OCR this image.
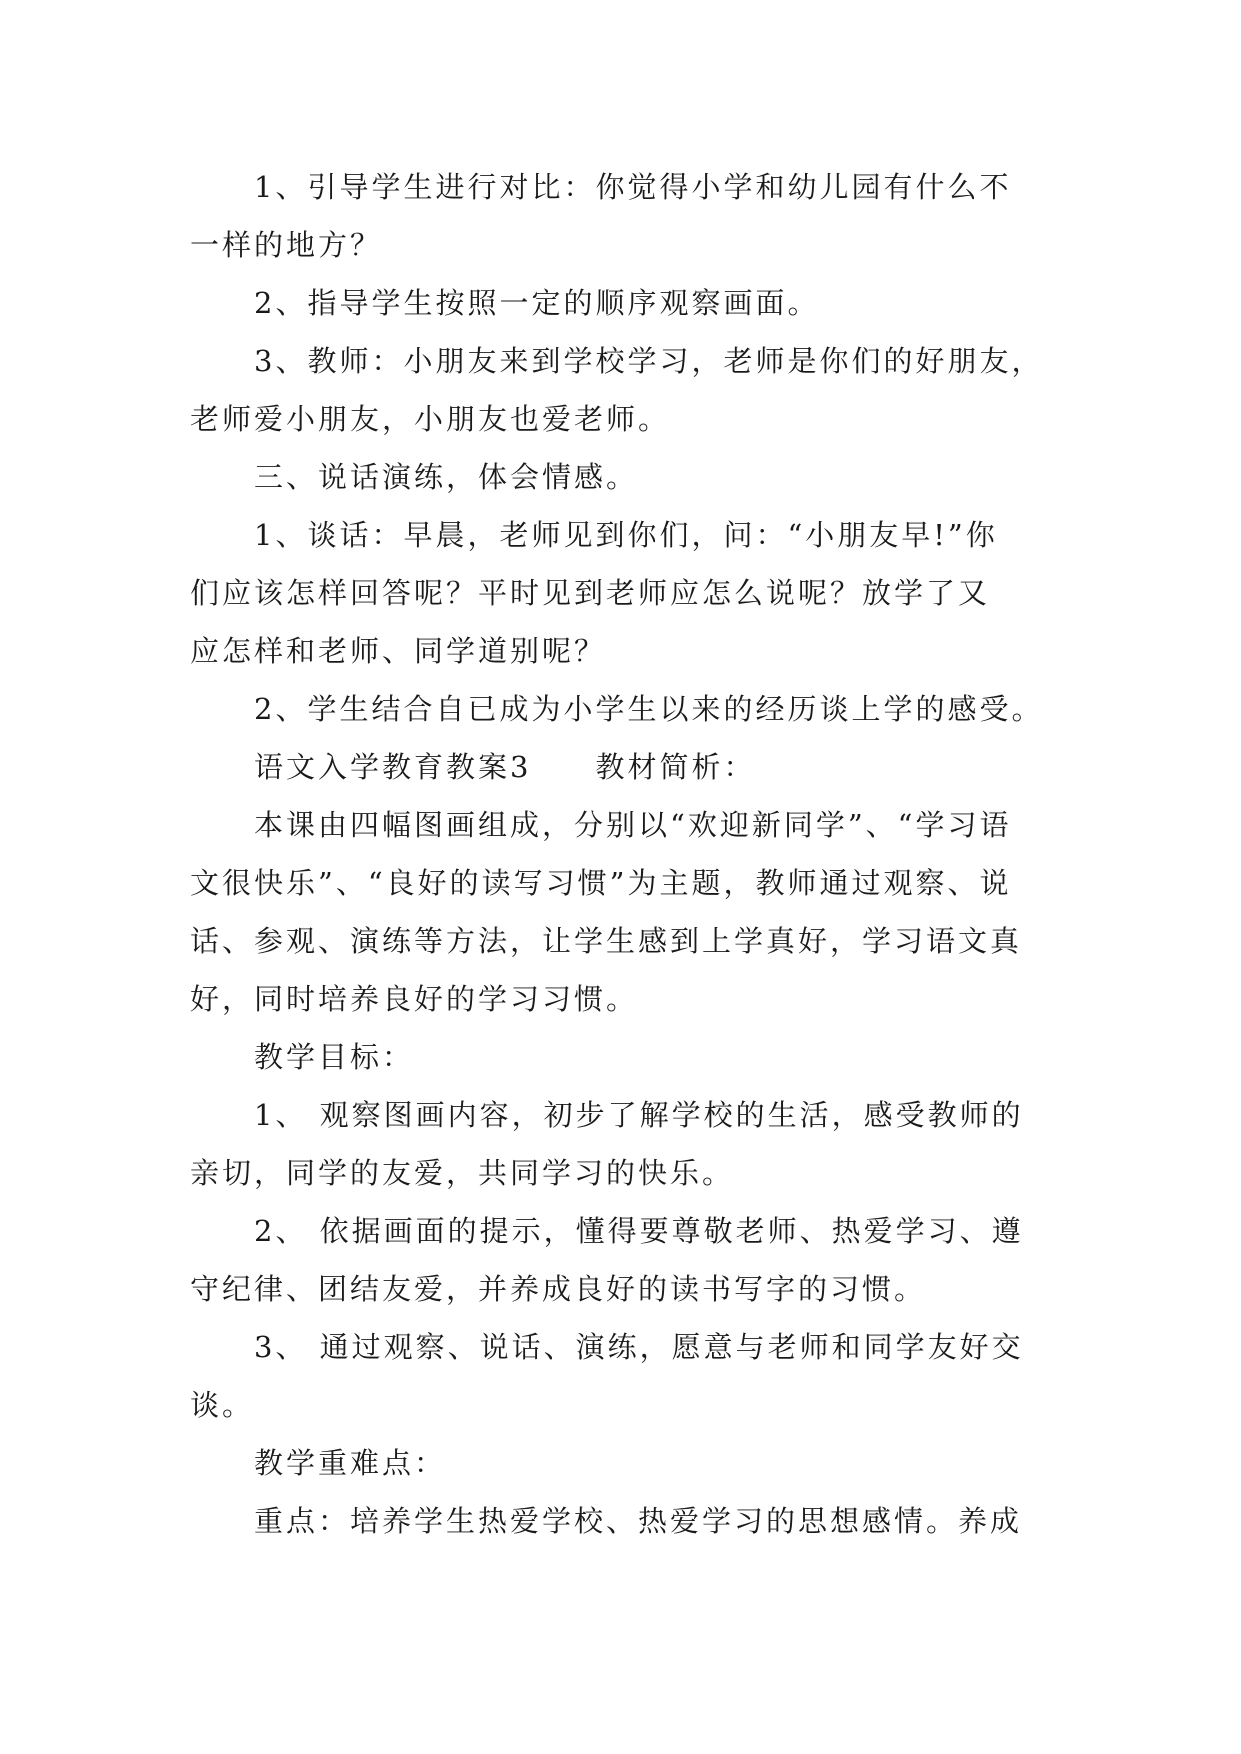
1、引导学生进行对比：你觉得小学和幼儿园有什么不

一样的地方？

2、指导学生按照一定的顺序观察画面。

3、教师：小朋友来到学校学习，老师是你们的好朋友，

老师爱小朋友，小朋友也爱老师。

三、说话演练，体会情感。

1、谈话：早晨，老师见到你们，问：“小朋友早!”你

们应该怎样回答呢？平时见到老师应怎么说呢？放学了又

应怎样和老师、同学道别呢？

2、学生结合自已成为小学生以来的经历谈上学的感受。

语文入学教育教案3　　教材简析：

本课由四幅图画组成，分别以“欢迎新同学”、“学习语

文很快乐”、“良好的读写习惯”为主题，教师通过观察、说

话、参观、演练等方法，让学生感到上学真好，学习语文真

好，同时培养良好的学习习惯。

教学目标：

1、 观察图画内容，初步了解学校的生活，感受教师的

亲切，同学的友爱，共同学习的快乐。

2、 依据画面的提示，懂得要尊敬老师、热爱学习、遵

守纪律、团结友爱，并养成良好的读书写字的习惯。

3、 通过观察、说话、演练，愿意与老师和同学友好交

谈。

教学重难点：

重点：培养学生热爱学校、热爱学习的思想感情。养成
